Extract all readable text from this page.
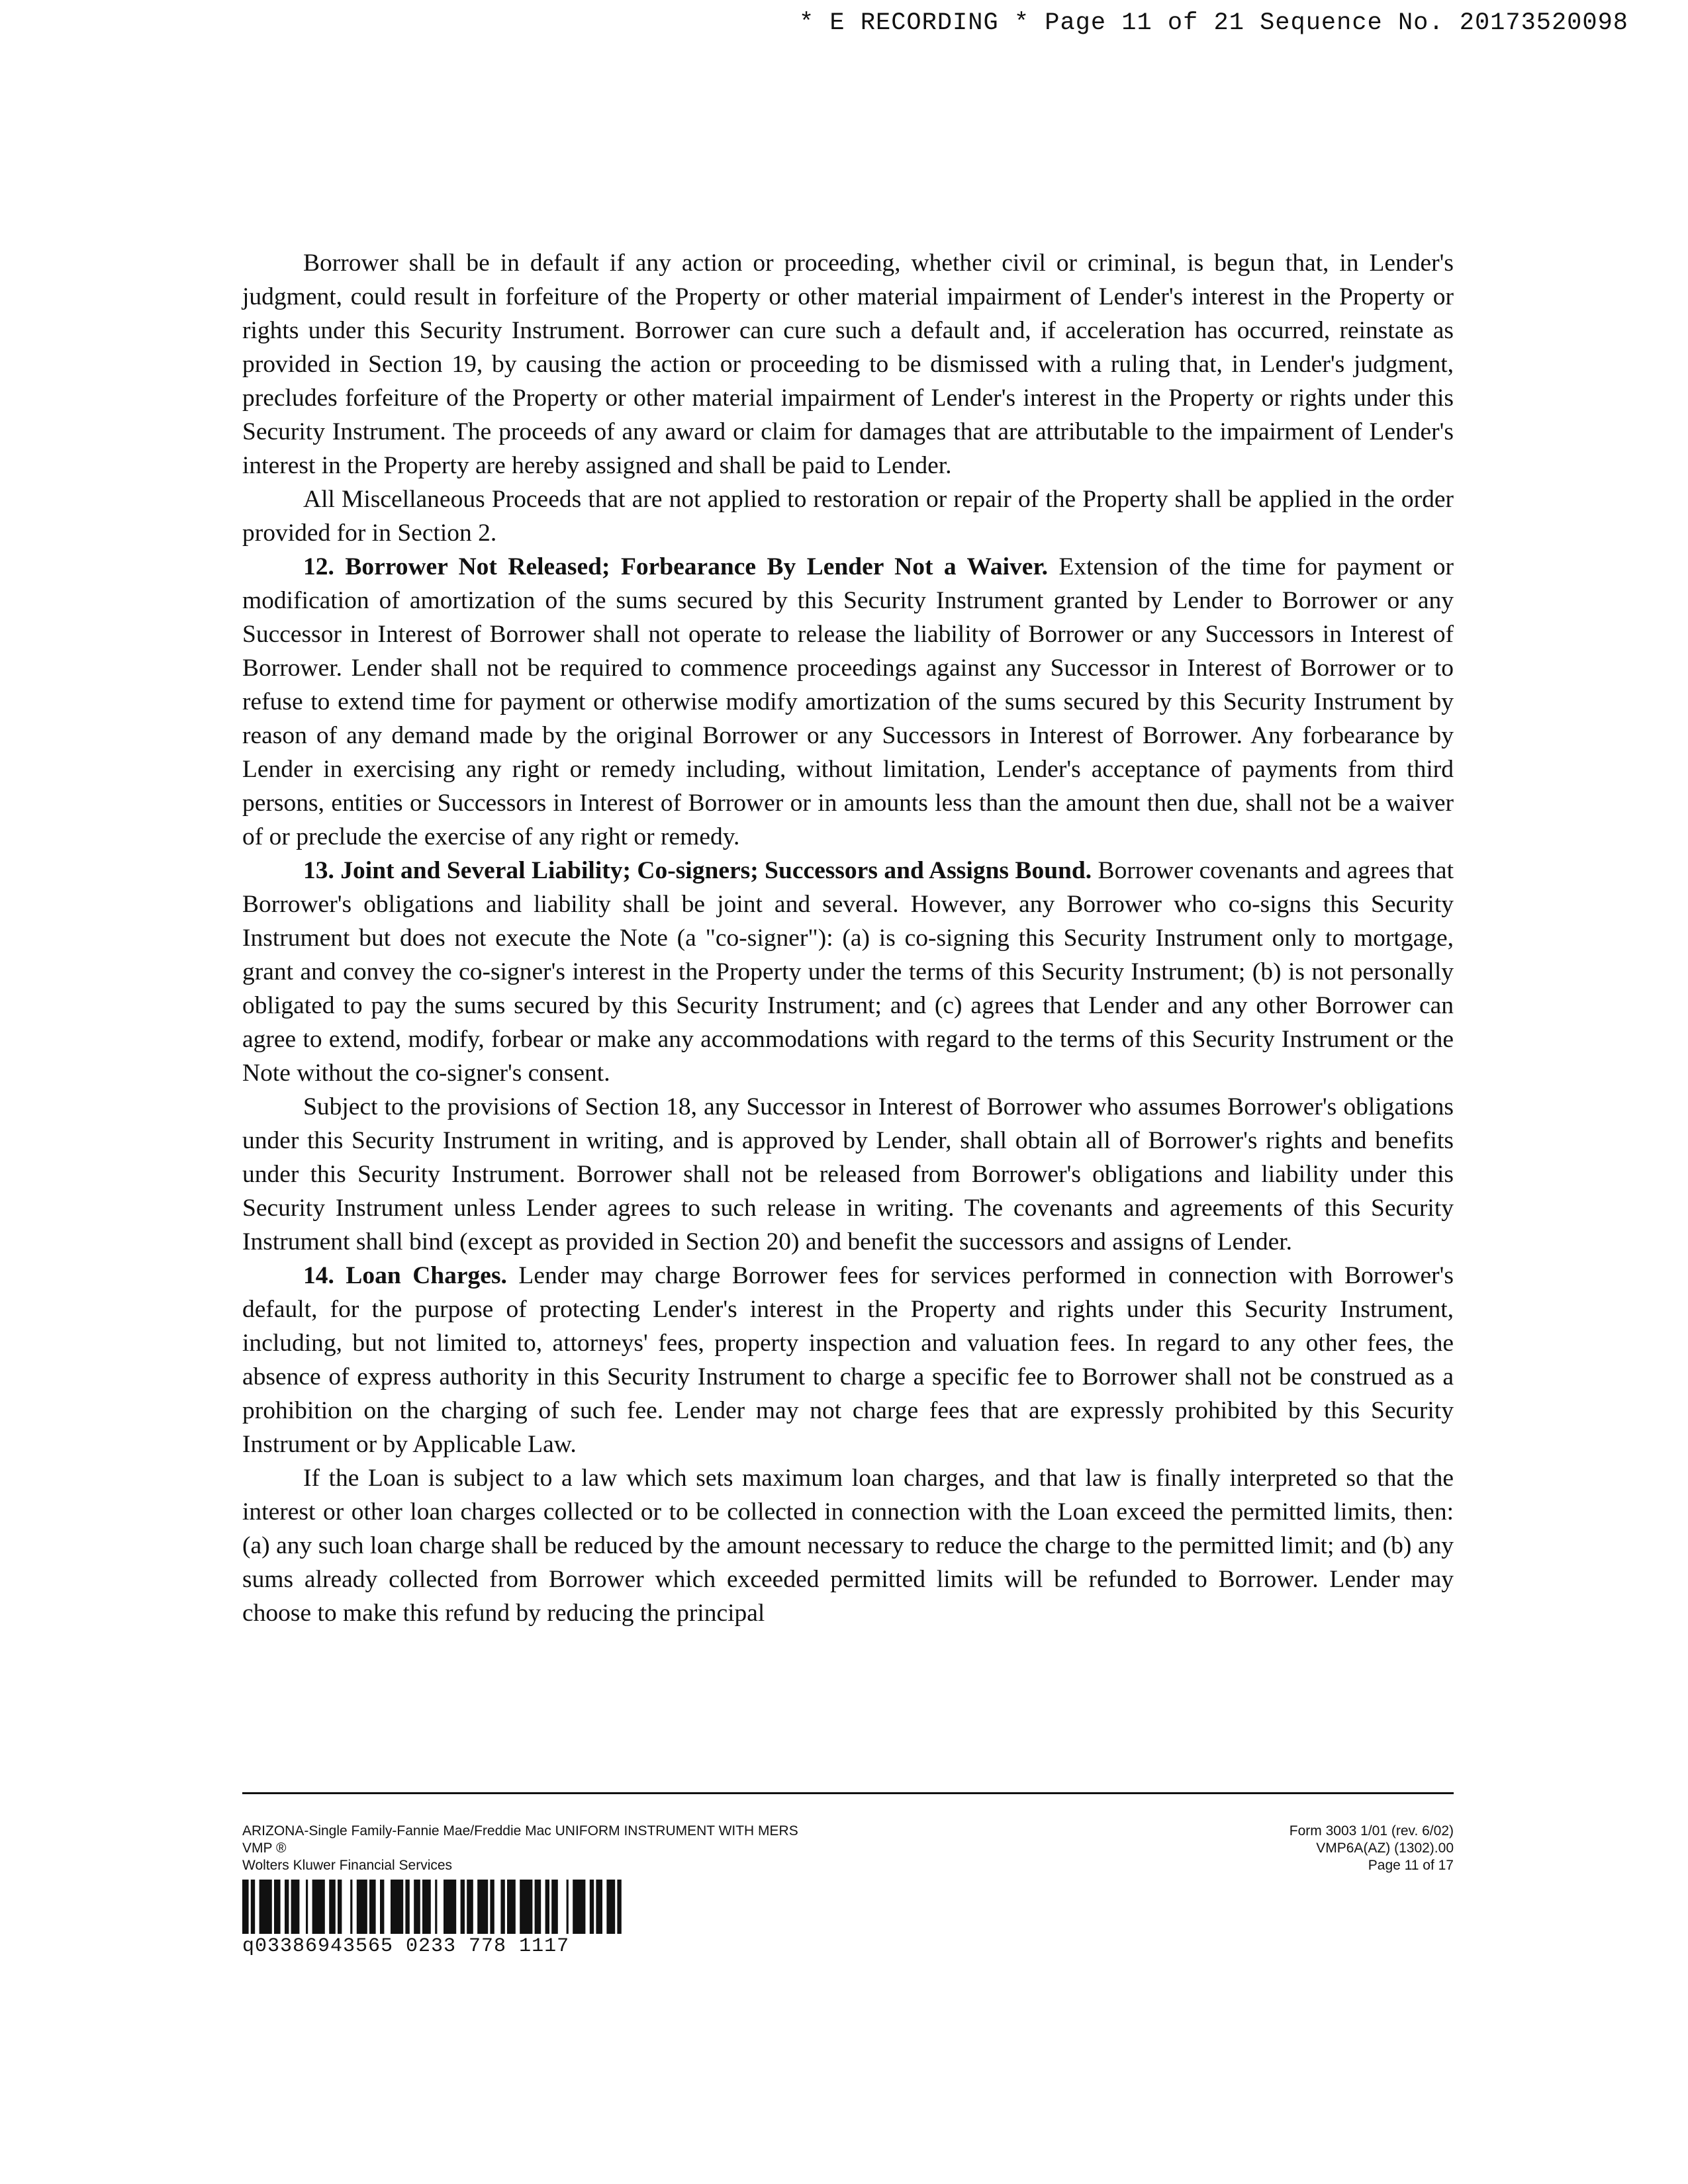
* E RECORDING * Page 11 of 21 Sequence No. 20173520098

Borrower shall be in default if any action or proceeding, whether civil or criminal, is begun that, in Lender's judgment, could result in forfeiture of the Property or other material impairment of Lender's interest in the Property or rights under this Security Instrument. Borrower can cure such a default and, if acceleration has occurred, reinstate as provided in Section 19, by causing the action or proceeding to be dismissed with a ruling that, in Lender's judgment, precludes forfeiture of the Property or other material impairment of Lender's interest in the Property or rights under this Security Instrument. The proceeds of any award or claim for damages that are attributable to the impairment of Lender's interest in the Property are hereby assigned and shall be paid to Lender.

All Miscellaneous Proceeds that are not applied to restoration or repair of the Property shall be applied in the order provided for in Section 2.

12. Borrower Not Released; Forbearance By Lender Not a Waiver. Extension of the time for payment or modification of amortization of the sums secured by this Security Instrument granted by Lender to Borrower or any Successor in Interest of Borrower shall not operate to release the liability of Borrower or any Successors in Interest of Borrower. Lender shall not be required to commence proceedings against any Successor in Interest of Borrower or to refuse to extend time for payment or otherwise modify amortization of the sums secured by this Security Instrument by reason of any demand made by the original Borrower or any Successors in Interest of Borrower. Any forbearance by Lender in exercising any right or remedy including, without limitation, Lender's acceptance of payments from third persons, entities or Successors in Interest of Borrower or in amounts less than the amount then due, shall not be a waiver of or preclude the exercise of any right or remedy.

13. Joint and Several Liability; Co-signers; Successors and Assigns Bound. Borrower covenants and agrees that Borrower's obligations and liability shall be joint and several. However, any Borrower who co-signs this Security Instrument but does not execute the Note (a "co-signer"): (a) is co-signing this Security Instrument only to mortgage, grant and convey the co-signer's interest in the Property under the terms of this Security Instrument; (b) is not personally obligated to pay the sums secured by this Security Instrument; and (c) agrees that Lender and any other Borrower can agree to extend, modify, forbear or make any accommodations with regard to the terms of this Security Instrument or the Note without the co-signer's consent.

Subject to the provisions of Section 18, any Successor in Interest of Borrower who assumes Borrower's obligations under this Security Instrument in writing, and is approved by Lender, shall obtain all of Borrower's rights and benefits under this Security Instrument. Borrower shall not be released from Borrower's obligations and liability under this Security Instrument unless Lender agrees to such release in writing. The covenants and agreements of this Security Instrument shall bind (except as provided in Section 20) and benefit the successors and assigns of Lender.

14. Loan Charges. Lender may charge Borrower fees for services performed in connection with Borrower's default, for the purpose of protecting Lender's interest in the Property and rights under this Security Instrument, including, but not limited to, attorneys' fees, property inspection and valuation fees. In regard to any other fees, the absence of express authority in this Security Instrument to charge a specific fee to Borrower shall not be construed as a prohibition on the charging of such fee. Lender may not charge fees that are expressly prohibited by this Security Instrument or by Applicable Law.

If the Loan is subject to a law which sets maximum loan charges, and that law is finally interpreted so that the interest or other loan charges collected or to be collected in connection with the Loan exceed the permitted limits, then: (a) any such loan charge shall be reduced by the amount necessary to reduce the charge to the permitted limit; and (b) any sums already collected from Borrower which exceeded permitted limits will be refunded to Borrower. Lender may choose to make this refund by reducing the principal

ARIZONA-Single Family-Fannie Mae/Freddie Mac UNIFORM INSTRUMENT WITH MERS
VMP ®
Wolters Kluwer Financial Services
Form 3003 1/01 (rev. 6/02)
VMP6A(AZ) (1302).00
Page 11 of 17
q03386943565 0233 778 1117
